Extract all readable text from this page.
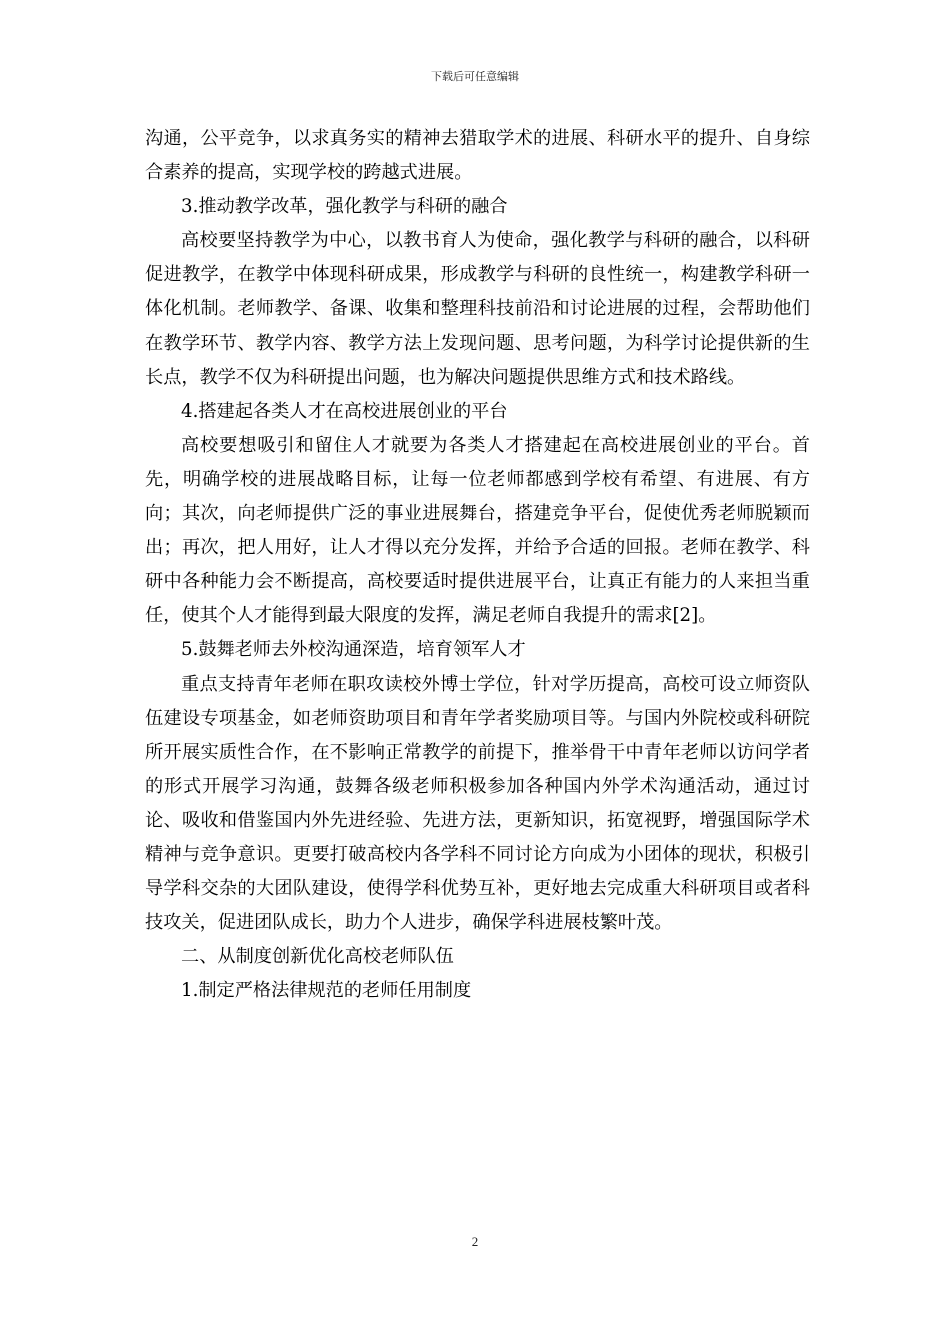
下载后可任意编辑

沟通，公平竞争，以求真务实的精神去猎取学术的进展、科研水平的提升、自身综合素养的提高，实现学校的跨越式进展。

3.推动教学改革，强化教学与科研的融合

高校要坚持教学为中心，以教书育人为使命，强化教学与科研的融合，以科研促进教学，在教学中体现科研成果，形成教学与科研的良性统一，构建教学科研一体化机制。老师教学、备课、收集和整理科技前沿和讨论进展的过程，会帮助他们在教学环节、教学内容、教学方法上发现问题、思考问题，为科学讨论提供新的生长点，教学不仅为科研提出问题，也为解决问题提供思维方式和技术路线。

4.搭建起各类人才在高校进展创业的平台

高校要想吸引和留住人才就要为各类人才搭建起在高校进展创业的平台。首先，明确学校的进展战略目标，让每一位老师都感到学校有希望、有进展、有方向；其次，向老师提供广泛的事业进展舞台，搭建竞争平台，促使优秀老师脱颖而出；再次，把人用好，让人才得以充分发挥，并给予合适的回报。老师在教学、科研中各种能力会不断提高，高校要适时提供进展平台，让真正有能力的人来担当重任，使其个人才能得到最大限度的发挥，满足老师自我提升的需求[2]。

5.鼓舞老师去外校沟通深造，培育领军人才

重点支持青年老师在职攻读校外博士学位，针对学历提高，高校可设立师资队伍建设专项基金，如老师资助项目和青年学者奖励项目等。与国内外院校或科研院所开展实质性合作，在不影响正常教学的前提下，推举骨干中青年老师以访问学者的形式开展学习沟通，鼓舞各级老师积极参加各种国内外学术沟通活动，通过讨论、吸收和借鉴国内外先进经验、先进方法，更新知识，拓宽视野，增强国际学术精神与竞争意识。更要打破高校内各学科不同讨论方向成为小团体的现状，积极引导学科交杂的大团队建设，使得学科优势互补，更好地去完成重大科研项目或者科技攻关，促进团队成长，助力个人进步，确保学科进展枝繁叶茂。

二、从制度创新优化高校老师队伍

1.制定严格法律规范的老师任用制度

2
